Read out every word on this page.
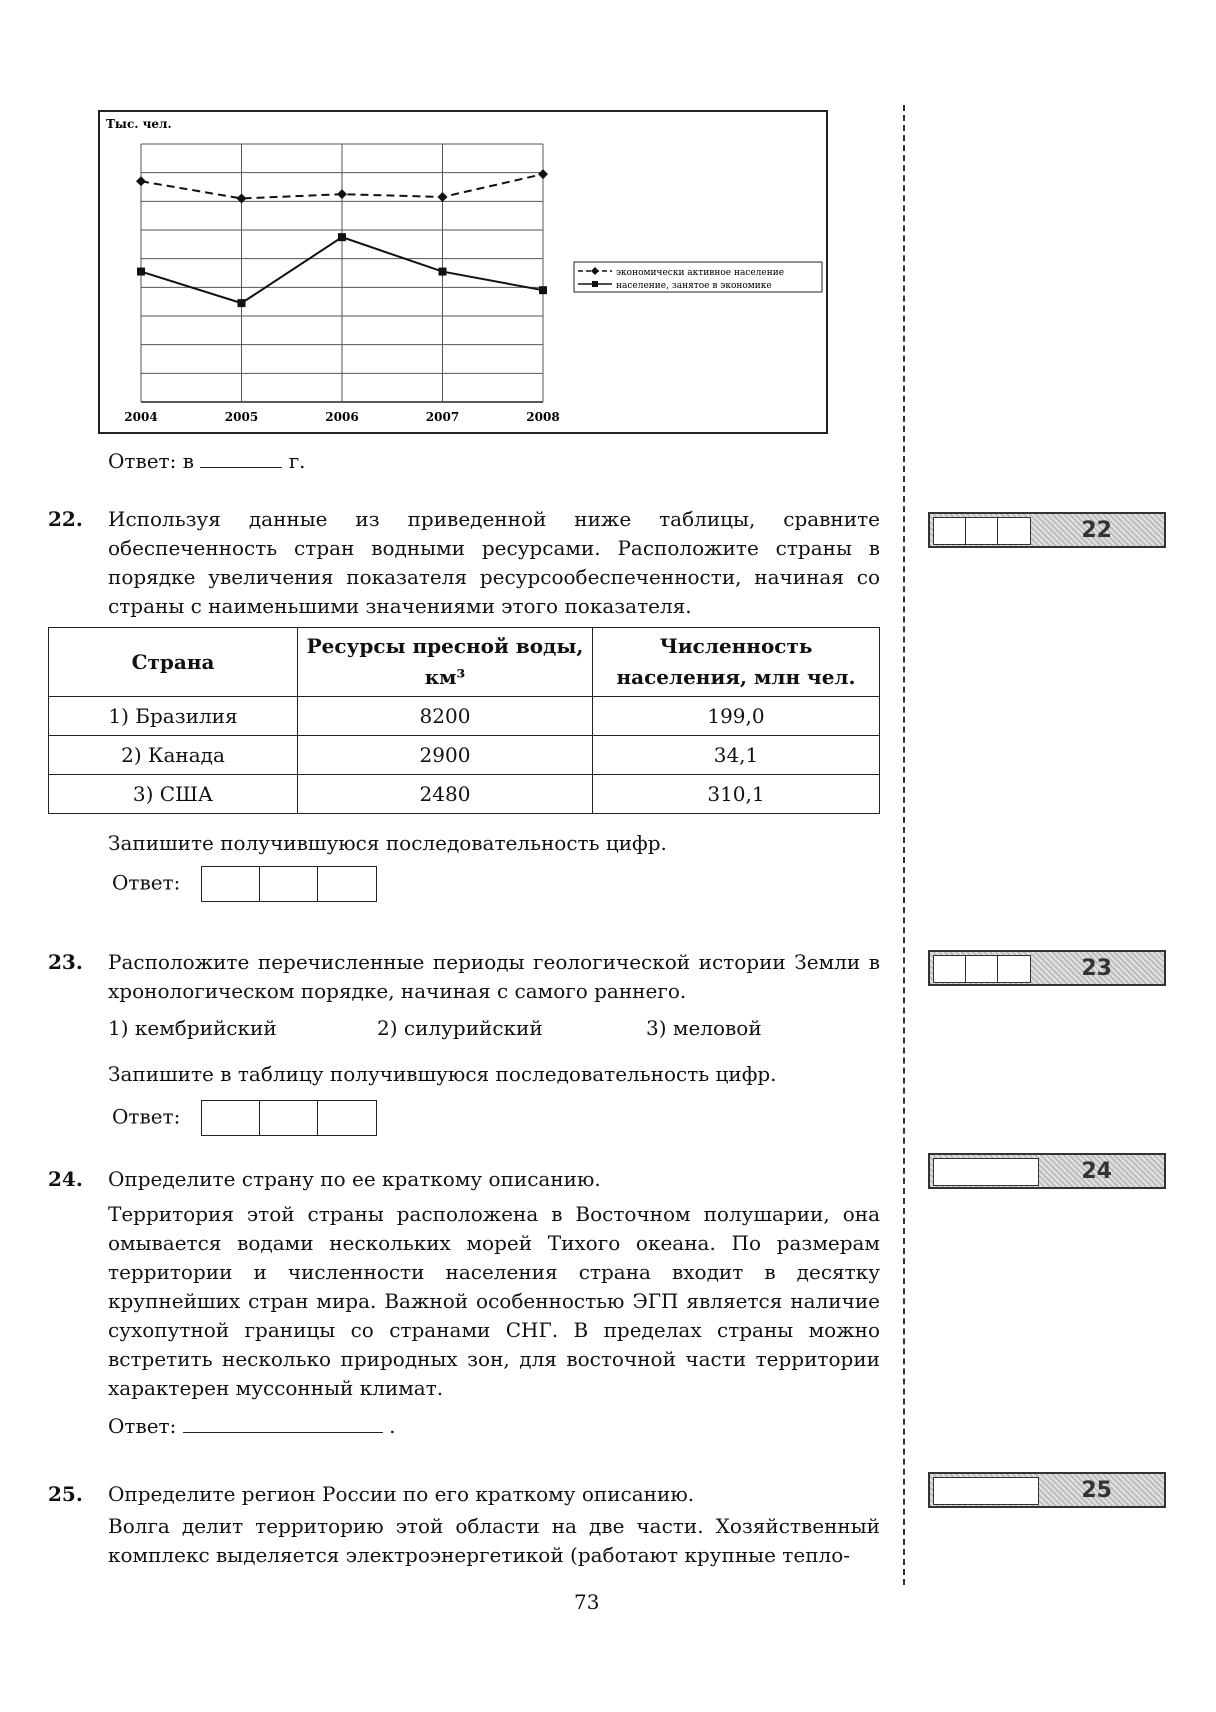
Тыс. чел.
2004	2005	2006	2007	2008
экономически активное население
население, занятое в экономике
Ответ: в	г.
22. Используя данные из приведенной ниже таблицы, сравните обеспеченность стран водными ресурсами. Расположите страны в порядке увеличения показателя ресурсообеспеченности, начиная со страны с наименьшими значениями этого показателя.
Страна	Ресурсы пресной воды, км³	Численность населения, млн чел.
1) Бразилия	8200	199,0
2) Канада	2900	34,1
3) США	2480	310,1
Запишите получившуюся последовательность цифр.
Ответ:
23. Расположите перечисленные периоды геологической истории Земли в хронологическом порядке, начиная с самого раннего.
1) кембрийский	2) силурийский	3) меловой
Запишите в таблицу получившуюся последовательность цифр.
Ответ:
24. Определите страну по ее краткому описанию.
Территория этой страны расположена в Восточном полушарии, она омывается водами нескольких морей Тихого океана. По размерам территории и численности населения страна входит в десятку крупнейших стран мира. Важной особенностью ЭГП является наличие сухопутной границы со странами СНГ. В пределах страны можно встретить несколько природных зон, для восточной части территории характерен муссонный климат.
Ответ:	.
25. Определите регион России по его краткому описанию.
Волга делит территорию этой области на две части. Хозяйственный комплекс выделяется электроэнергетикой (работают крупные тепло-
22
23
24
25
73
